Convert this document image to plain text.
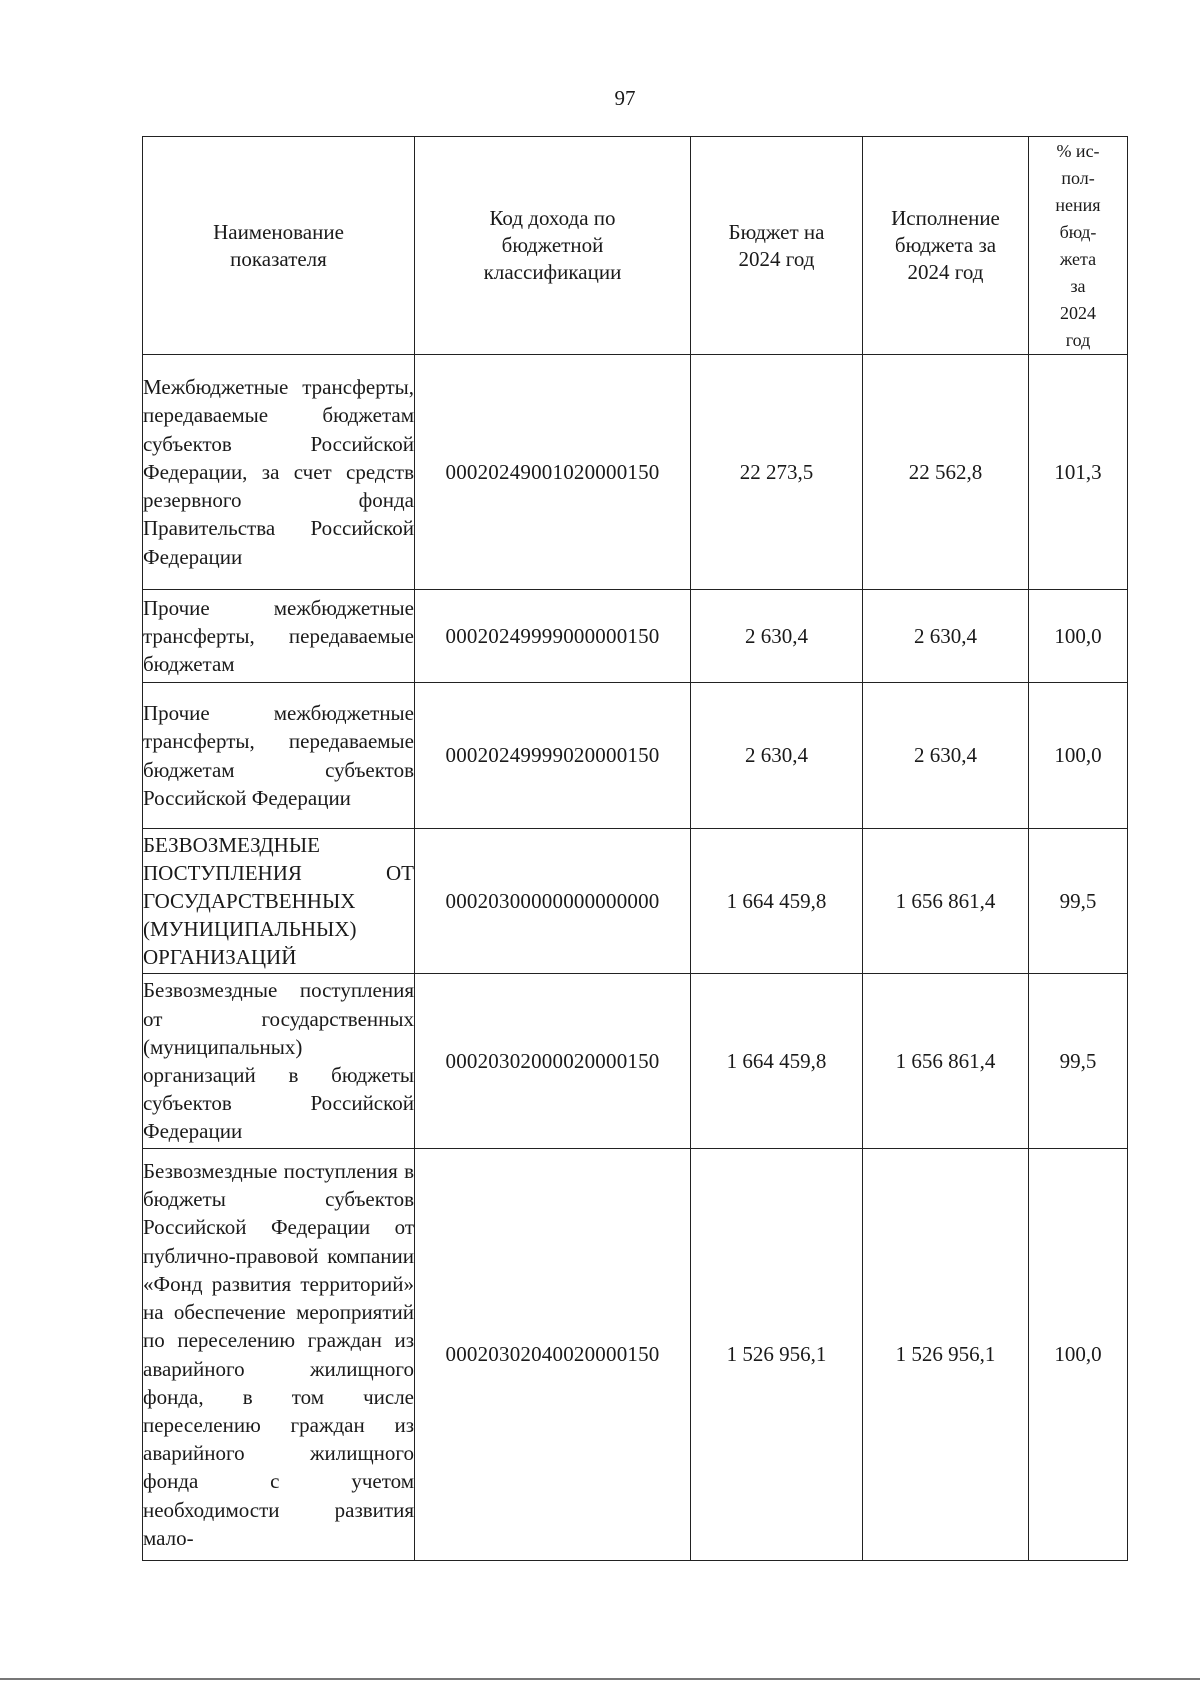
97
Наименование показателя	Код дохода по бюджетной классификации	Бюджет на 2024 год	Исполнение бюджета за 2024 год	% ис-пол-нения бюд-жета за 2024 год
Межбюджетные трансферты, передаваемые бюджетам субъектов Российской Федерации, за счет средств резервного фонда Правительства Российской Федерации	00020249001020000150	22 273,5	22 562,8	101,3
Прочие межбюджетные трансферты, передаваемые бюджетам	00020249999000000150	2 630,4	2 630,4	100,0
Прочие межбюджетные трансферты, передаваемые бюджетам субъектов Российской Федерации	00020249999020000150	2 630,4	2 630,4	100,0
БЕЗВОЗМЕЗДНЫЕ ПОСТУПЛЕНИЯ ОТ ГОСУДАРСТВЕННЫХ (МУНИЦИПАЛЬНЫХ) ОРГАНИЗАЦИЙ	00020300000000000000	1 664 459,8	1 656 861,4	99,5
Безвозмездные поступления от государственных (муниципальных) организаций в бюджеты субъектов Российской Федерации	00020302000020000150	1 664 459,8	1 656 861,4	99,5
Безвозмездные поступления в бюджеты субъектов Российской Федерации от публично-правовой компании «Фонд развития территорий» на обеспечение мероприятий по переселению граждан из аварийного жилищного фонда, в том числе переселению граждан из аварийного жилищного фонда с учетом необходимости развития мало-	00020302040020000150	1 526 956,1	1 526 956,1	100,0
